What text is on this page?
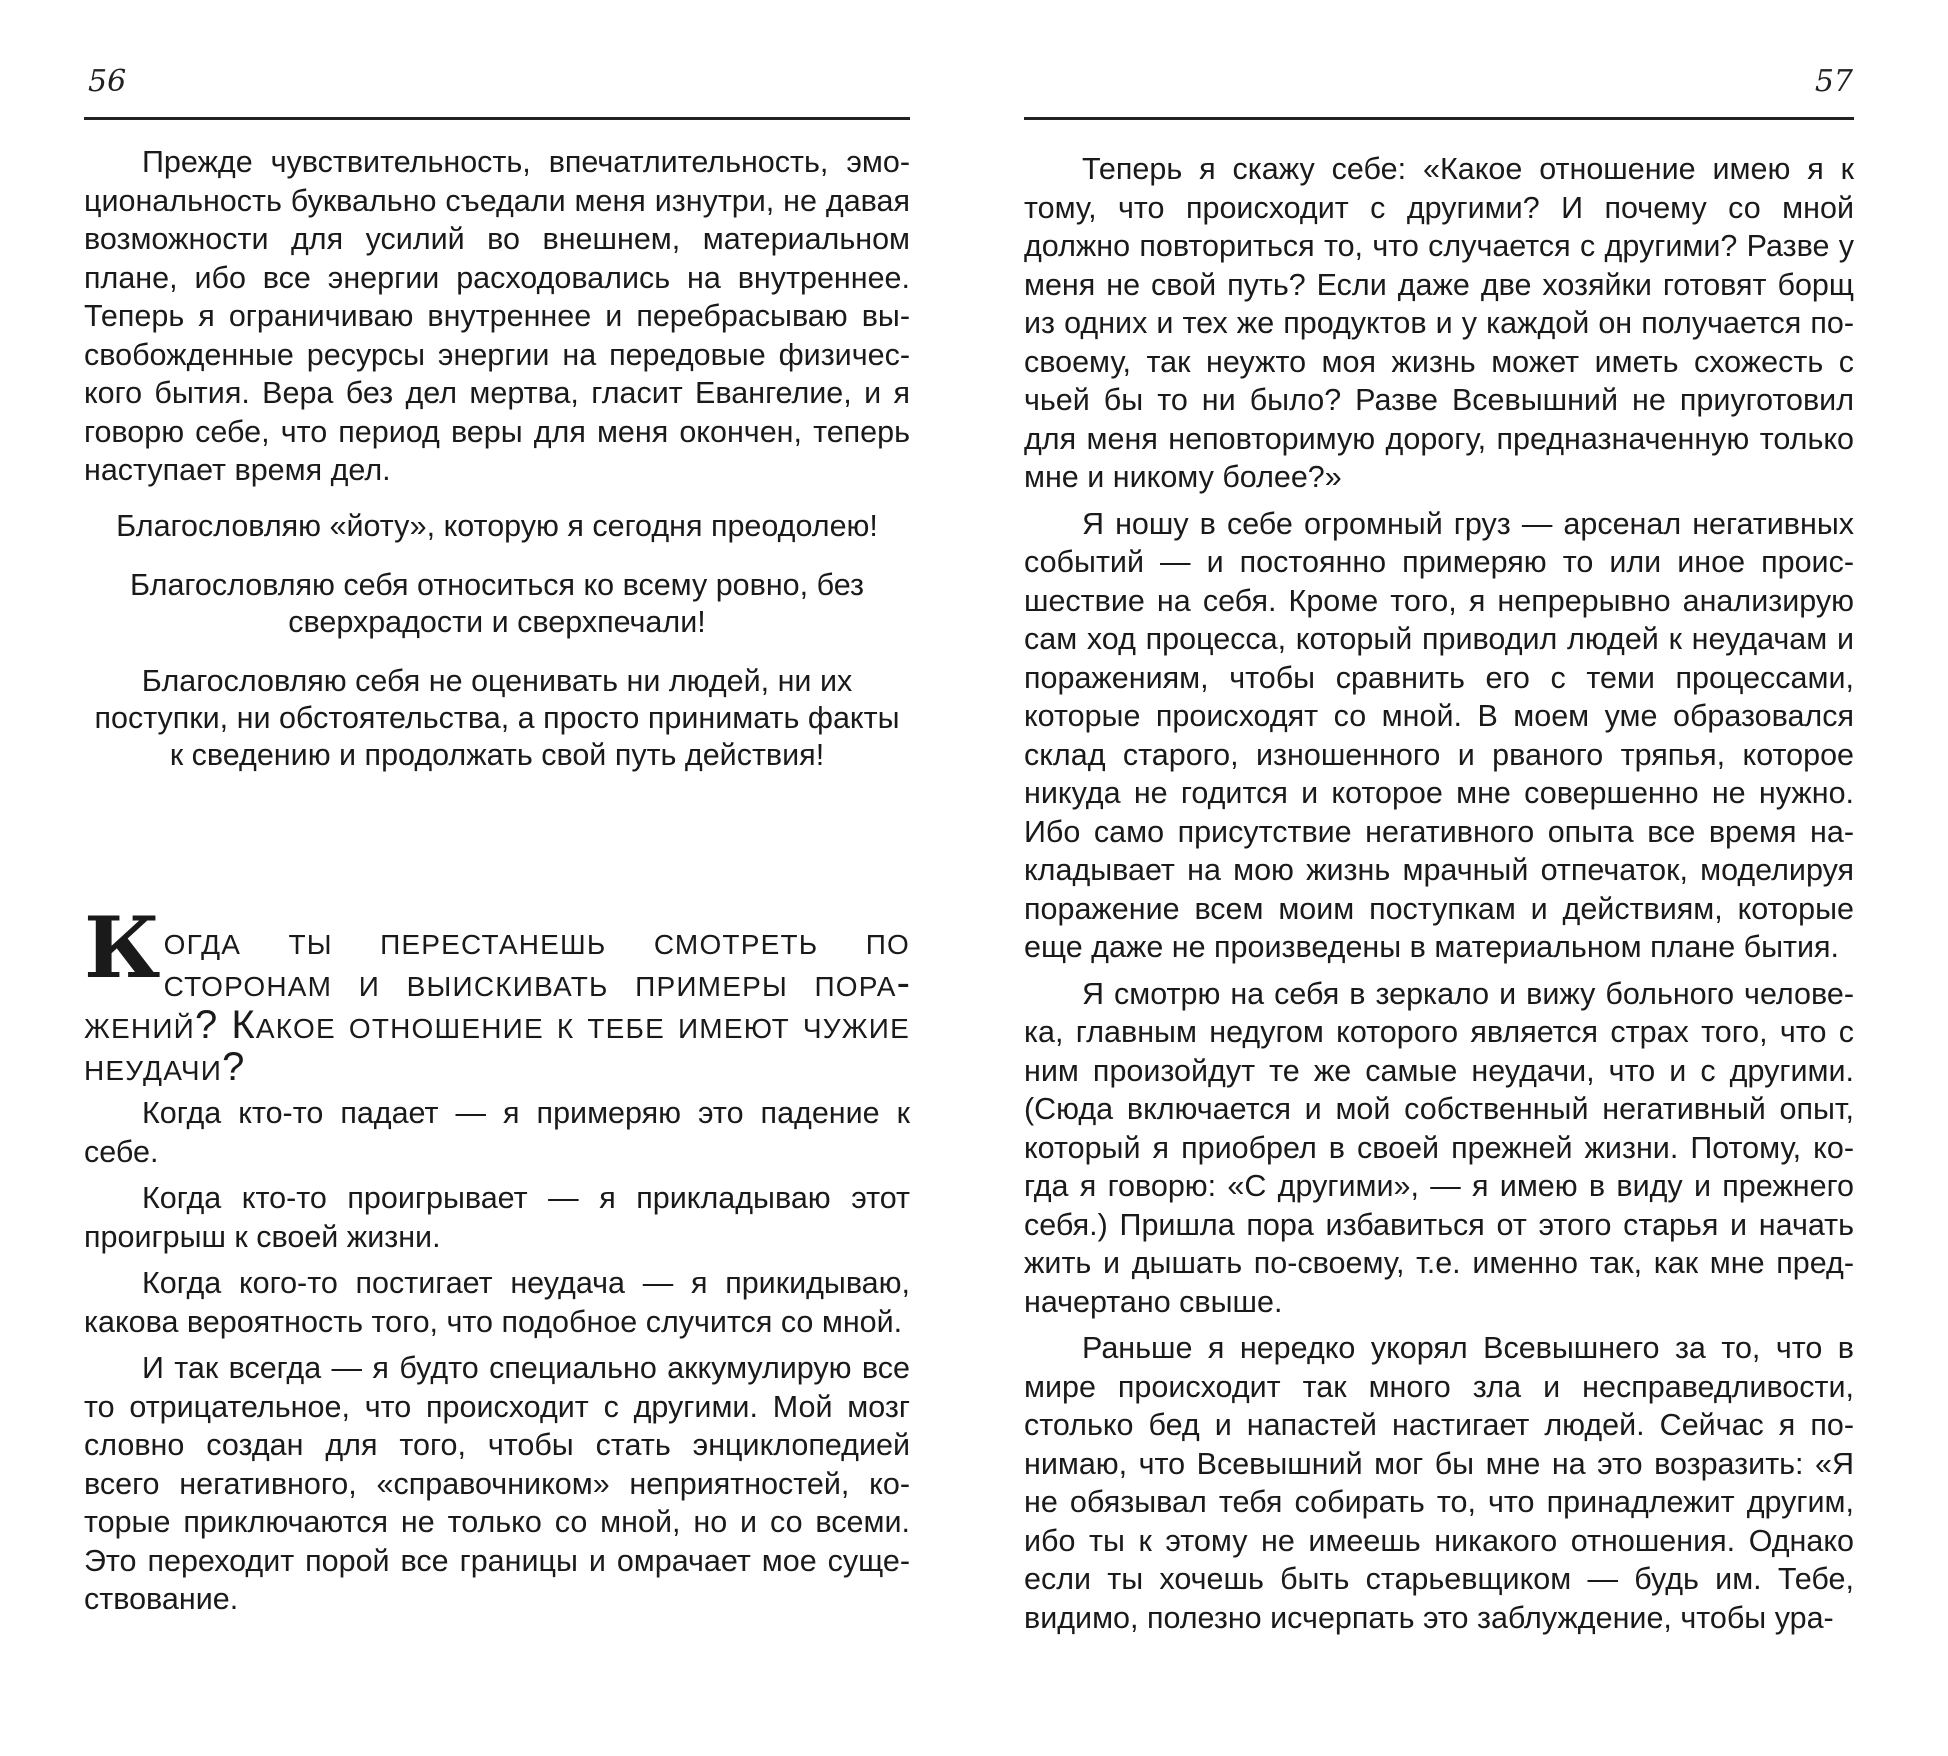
56

Прежде чувствительность, впечатлительность, эмоциональность буквально съедали меня изнутри, не давая возможности для усилий во внешнем, материальном плане, ибо все энергии расходовались на внутреннее. Теперь я ограничиваю внутреннее и перебрасываю высвобожденные ресурсы энергии на передовые физического бытия. Вера без дел мертва, гласит Евангелие, и я говорю себе, что период веры для меня окончен, теперь наступает время дел.

Благословляю «йоту», которую я сегодня преодолею!

Благословляю себя относиться ко всему ровно, без сверхрадости и сверхпечали!

Благословляю себя не оценивать ни людей, ни их поступки, ни обстоятельства, а просто принимать факты к сведению и продолжать свой путь действия!

Когда ты перестанешь смотреть по сторонам и выискивать примеры поражений? Какое отношение к тебе имеют чужие неудачи?

Когда кто-то падает — я примеряю это падение к себе.

Когда кто-то проигрывает — я прикладываю этот проигрыш к своей жизни.

Когда кого-то постигает неудача — я прикидываю, какова вероятность того, что подобное случится со мной.

И так всегда — я будто специально аккумулирую все то отрицательное, что происходит с другими. Мой мозг словно создан для того, чтобы стать энциклопедией всего негативного, «справочником» неприятностей, которые приключаются не только со мной, но и со всеми. Это переходит порой все границы и омрачает мое существование.

57

Теперь я скажу себе: «Какое отношение имею я к тому, что происходит с другими? И почему со мной должно повториться то, что случается с другими? Разве у меня не свой путь? Если даже две хозяйки готовят борщ из одних и тех же продуктов и у каждой он получается по-своему, так неужто моя жизнь может иметь схожесть с чьей бы то ни было? Разве Всевышний не приуготовил для меня неповторимую дорогу, предназначенную только мне и никому более?»

Я ношу в себе огромный груз — арсенал негативных событий — и постоянно примеряю то или иное происшествие на себя. Кроме того, я непрерывно анализирую сам ход процесса, который приводил людей к неудачам и поражениям, чтобы сравнить его с теми процессами, которые происходят со мной. В моем уме образовался склад старого, изношенного и рваного тряпья, которое никуда не годится и которое мне совершенно не нужно. Ибо само присутствие негативного опыта все время накладывает на мою жизнь мрачный отпечаток, моделируя поражение всем моим поступкам и действиям, которые еще даже не произведены в материальном плане бытия.

Я смотрю на себя в зеркало и вижу больного человека, главным недугом которого является страх того, что с ним произойдут те же самые неудачи, что и с другими. (Сюда включается и мой собственный негативный опыт, который я приобрел в своей прежней жизни. Потому, когда я говорю: «С другими», — я имею в виду и прежнего себя.) Пришла пора избавиться от этого старья и начать жить и дышать по-своему, т.е. именно так, как мне предначертано свыше.

Раньше я нередко укорял Всевышнего за то, что в мире происходит так много зла и несправедливости, столько бед и напастей настигает людей. Сейчас я понимаю, что Всевышний мог бы мне на это возразить: «Я не обязывал тебя собирать то, что принадлежит другим, ибо ты к этому не имеешь никакого отношения. Однако если ты хочешь быть старьевщиком — будь им. Тебе, видимо, полезно исчерпать это заблуждение, чтобы ура-
